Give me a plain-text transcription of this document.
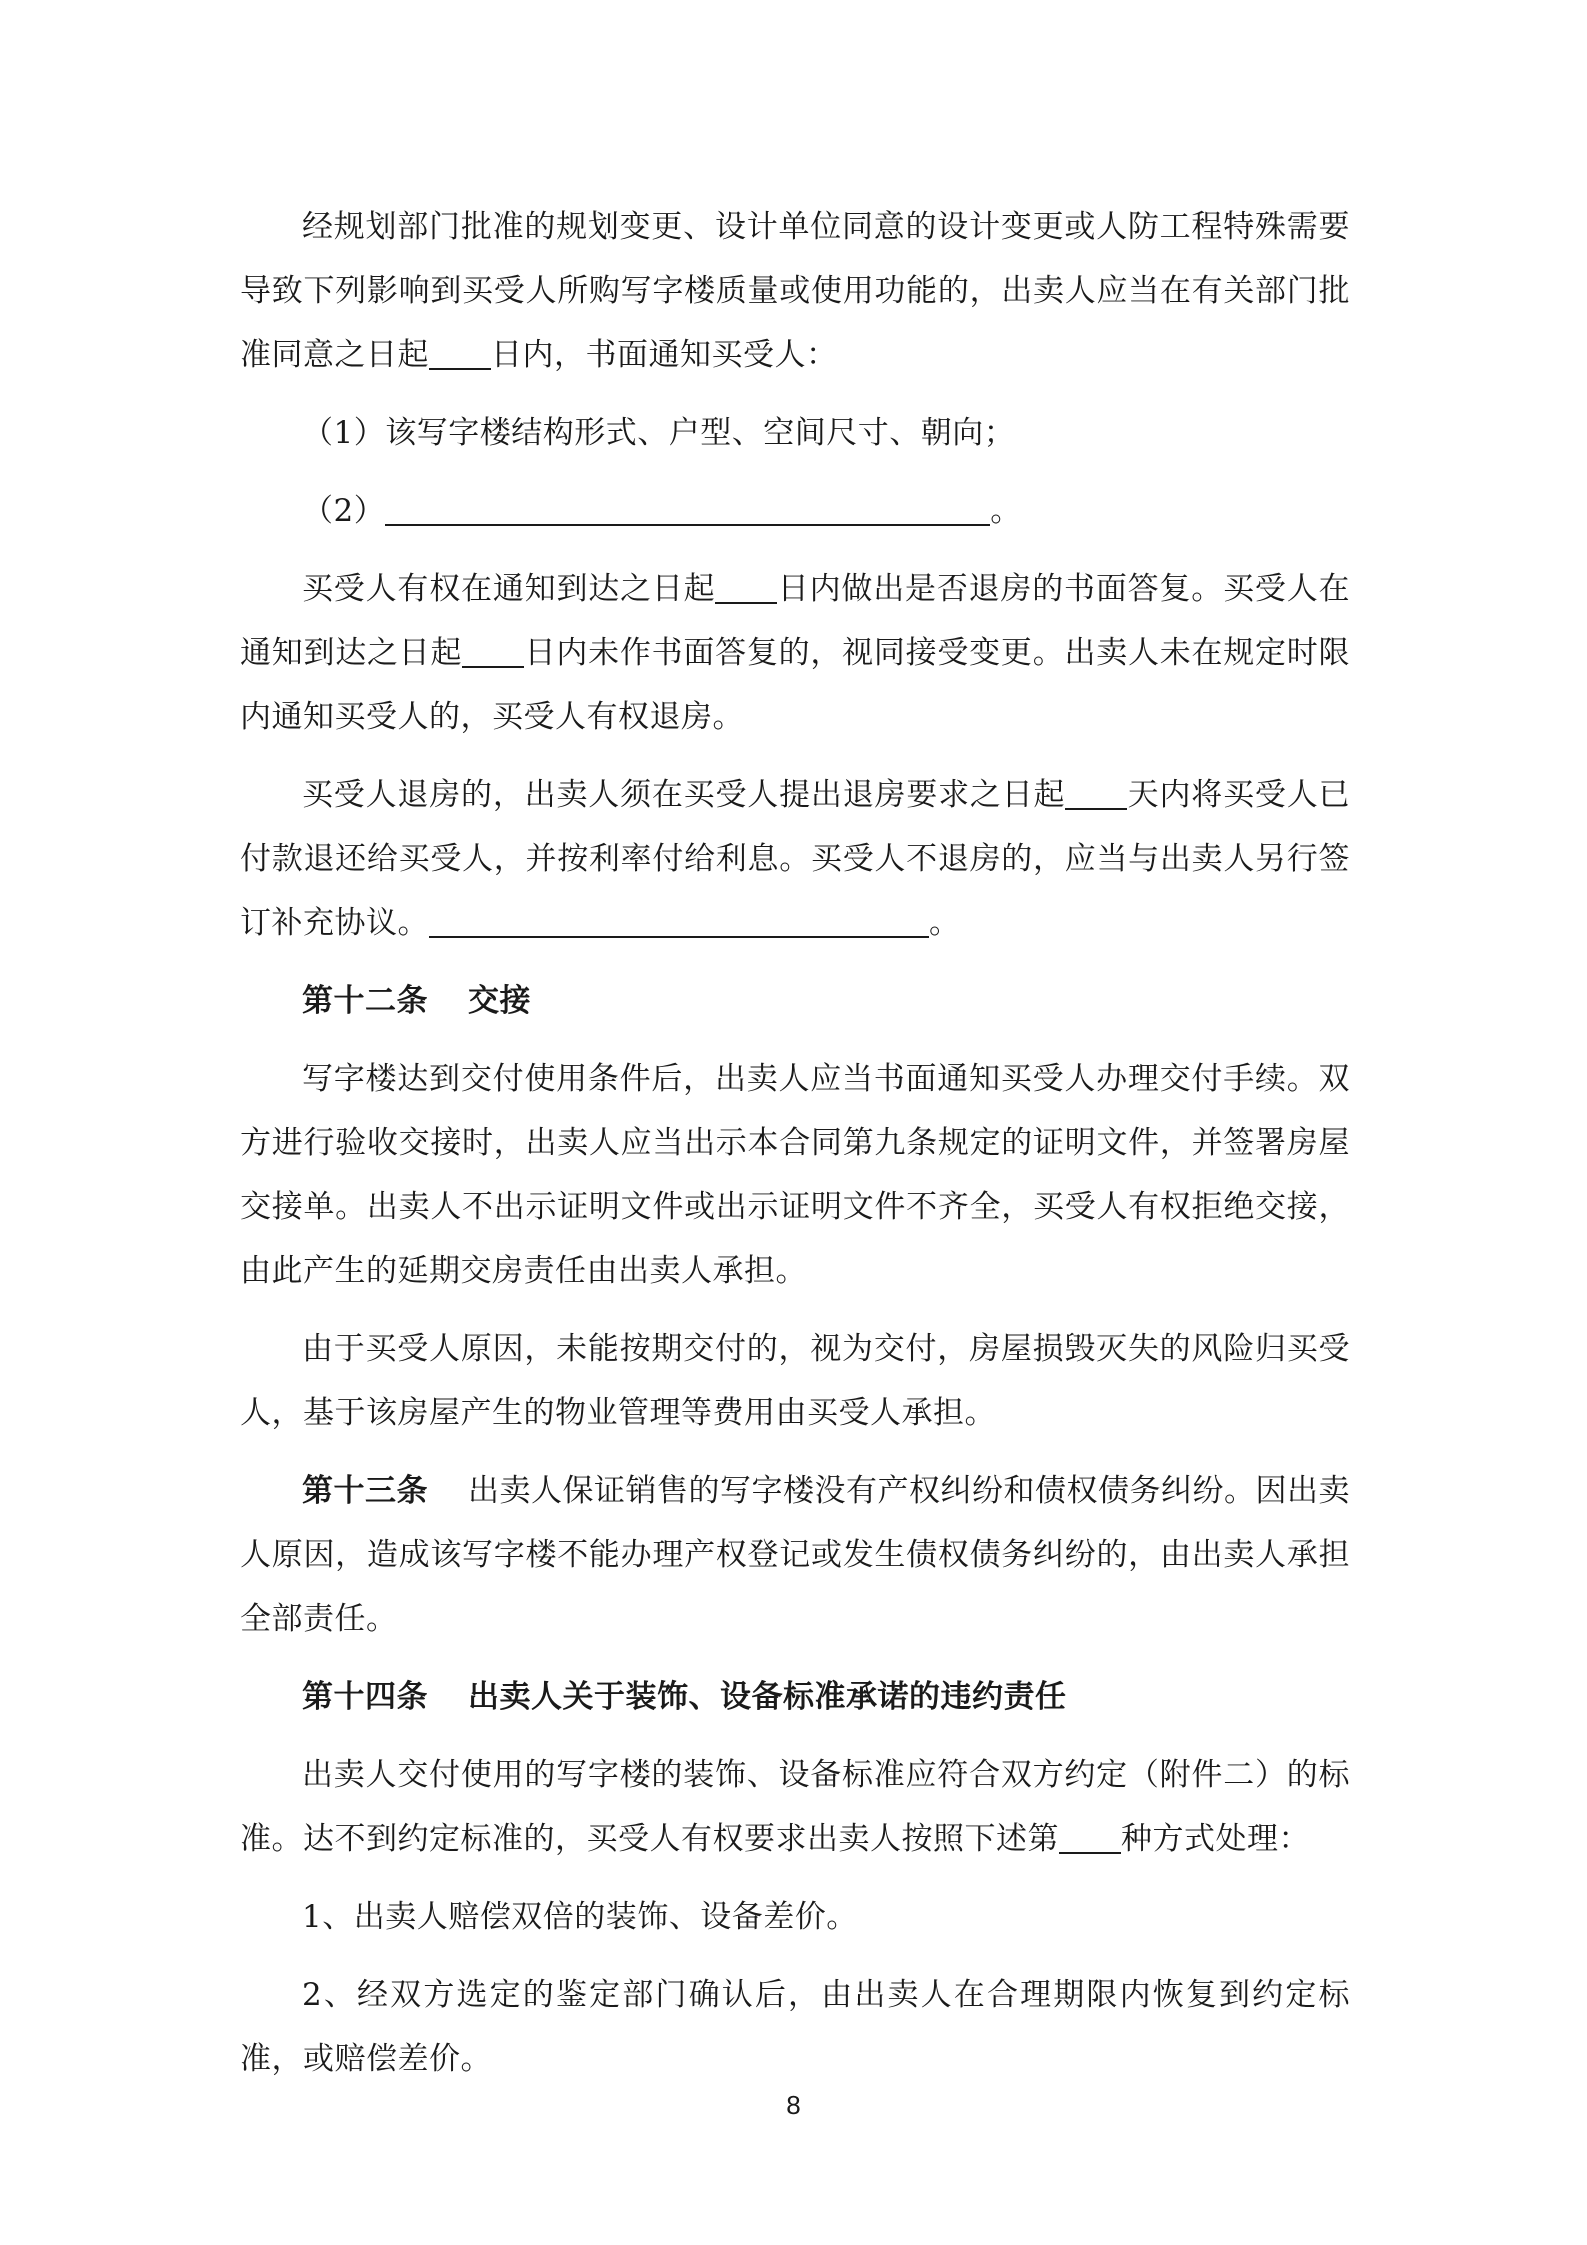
经规划部门批准的规划变更、设计单位同意的设计变更或人防工程特殊需要导致下列影响到买受人所购写字楼质量或使用功能的，出卖人应当在有关部门批准同意之日起 日内，书面通知买受人：

（1）该写字楼结构形式、户型、空间尺寸、朝向；

（2）	。

买受人有权在通知到达之日起 日内做出是否退房的书面答复。买受人在通知到达之日起 日内未作书面答复的，视同接受变更。出卖人未在规定时限内通知买受人的，买受人有权退房。

买受人退房的，出卖人须在买受人提出退房要求之日起 天内将买受人已付款退还给买受人，并按利率付给利息。买受人不退房的，应当与出卖人另行签订补充协议。	。

第十二条 交接

写字楼达到交付使用条件后，出卖人应当书面通知买受人办理交付手续。双方进行验收交接时，出卖人应当出示本合同第九条规定的证明文件，并签署房屋交接单。出卖人不出示证明文件或出示证明文件不齐全，买受人有权拒绝交接，由此产生的延期交房责任由出卖人承担。

由于买受人原因，未能按期交付的，视为交付，房屋损毁灭失的风险归买受人，基于该房屋产生的物业管理等费用由买受人承担。

第十三条 出卖人保证销售的写字楼没有产权纠纷和债权债务纠纷。因出卖人原因，造成该写字楼不能办理产权登记或发生债权债务纠纷的，由出卖人承担全部责任。

第十四条 出卖人关于装饰、设备标准承诺的违约责任

出卖人交付使用的写字楼的装饰、设备标准应符合双方约定（附件二）的标准。达不到约定标准的，买受人有权要求出卖人按照下述第 种方式处理：

1、出卖人赔偿双倍的装饰、设备差价。

2、经双方选定的鉴定部门确认后，由出卖人在合理期限内恢复到约定标准，或赔偿差价。

8
